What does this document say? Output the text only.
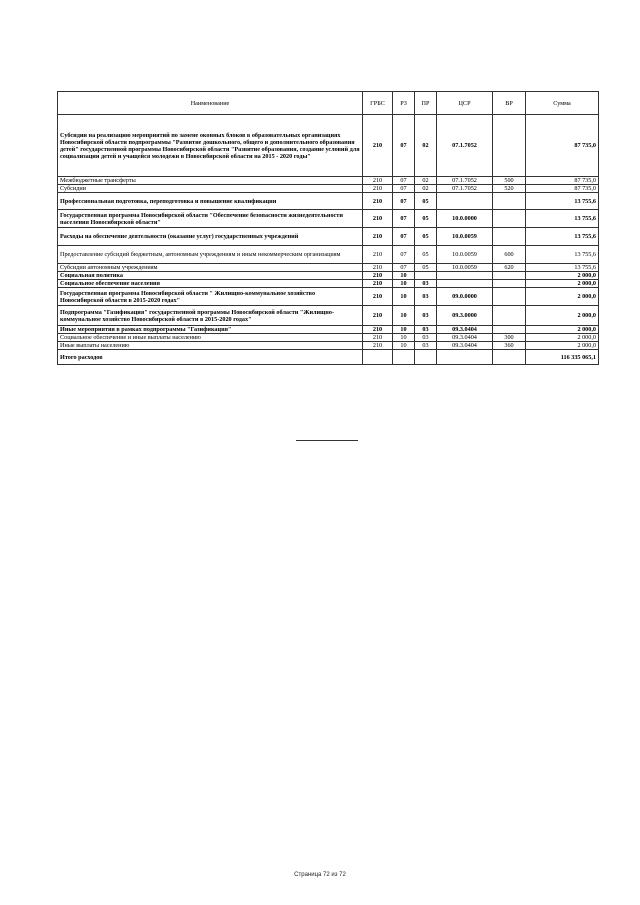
Наименование	ГРБС	РЗ	ПР	ЦСР	ВР	Сумма
Субсидии на реализацию мероприятий по замене оконных блоков в образовательных организациях Новосибирской области подпрограммы "Развитие дошкольного, общего и дополнительного образования детей" государственной программы Новосибирской области "Развитие образования, создание условий для социализации детей и учащейся молодежи в Новосибирской области на 2015 - 2020 годы"	210	07	02	07.1.7052		87 735,0
Межбюджетные трансферты	210	07	02	07.1.7052	500	87 735,0
Субсидии	210	07	02	07.1.7052	520	87 735,0
Профессиональная подготовка, переподготовка и повышение квалификации	210	07	05			13 755,6
Государственная программа Новосибирской области "Обеспечение безопасности жизнедеятельности населения Новосибирской области"	210	07	05	10.0.0000		13 755,6
Расходы на обеспечение деятельности (оказание услуг) государственных учреждений	210	07	05	10.0.0059		13 755,6
Предоставление субсидий бюджетным, автономным учреждениям и иным некоммерческим организациям	210	07	05	10.0.0059	600	13 755,6
Субсидии автономным учреждениям	210	07	05	10.0.0059	620	13 755,6
Социальная политика	210	10				2 000,0
Социальное обеспечение населения	210	10	03			2 000,0
Государственная программа Новосибирской области " Жилищно-коммунальное хозяйство Новосибирской области в 2015-2020 годах"	210	10	03	09.0.0000		2 000,0
Подпрограмма "Газификация" государственной программы Новосибирской области "Жилищно-коммунальное хозяйство Новосибирской области в 2015-2020 годах"	210	10	03	09.3.0000		2 000,0
Иные мероприятия в рамках подпрограммы "Газификация"	210	10	03	09.3.0404		2 000,0
Социальное обеспечение и иные выплаты населению	210	10	03	09.3.0404	300	2 000,0
Иные выплаты населению	210	10	03	09.3.0404	360	2 000,0
Итого расходов						116 335 065,1
Страница 72 из 72
